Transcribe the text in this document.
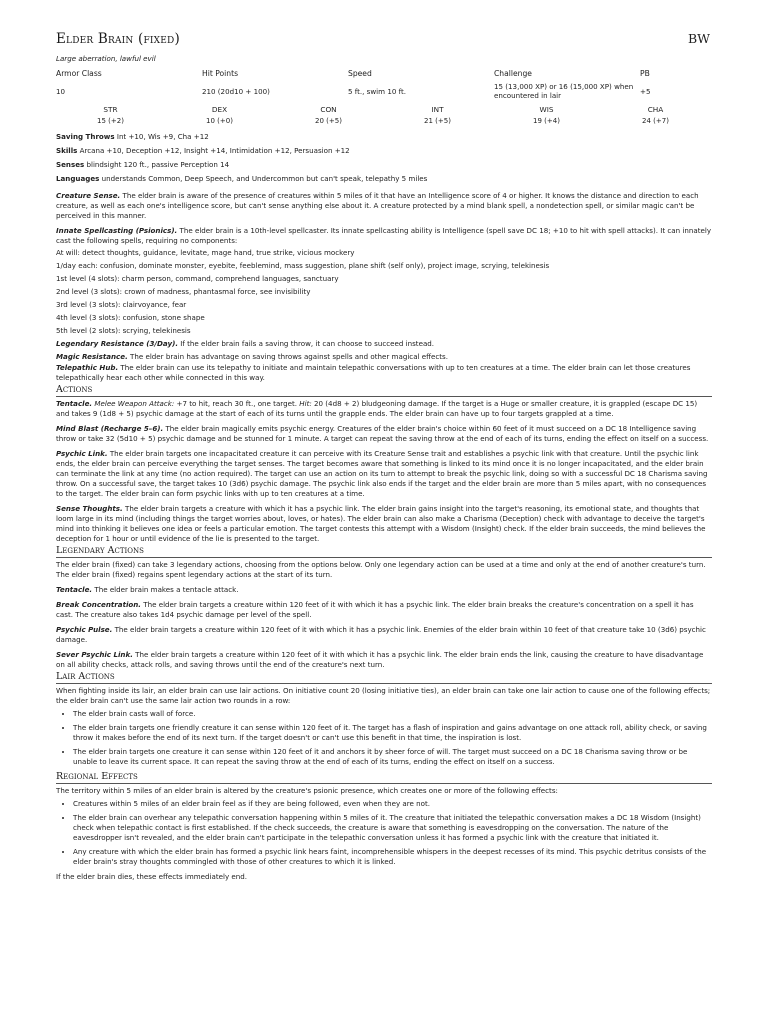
Elder Brain (fixed)	BW
Large aberration, lawful evil
Armor Class	Hit Points	Speed	Challenge	PB
10	210 (20d10 + 100)	5 ft., swim 10 ft.	15 (13,000 XP) or 16 (15,000 XP) when encountered in lair	+5
STR	DEX	CON	INT	WIS	CHA
15 (+2)	10 (+0)	20 (+5)	21 (+5)	19 (+4)	24 (+7)

Saving Throws Int +10, Wis +9, Cha +12

Skills Arcana +10, Deception +12, Insight +14, Intimidation +12, Persuasion +12

Senses blindsight 120 ft., passive Perception 14

Languages understands Common, Deep Speech, and Undercommon but can't speak, telepathy 5 miles

Creature Sense. The elder brain is aware of the presence of creatures within 5 miles of it that have an Intelligence score of 4 or higher. It knows the distance and direction to each creature, as well as each one's intelligence score, but can't sense anything else about it. A creature protected by a mind blank spell, a nondetection spell, or similar magic can't be perceived in this manner.

Innate Spellcasting (Psionics). The elder brain is a 10th-level spellcaster. Its innate spellcasting ability is Intelligence (spell save DC 18; +10 to hit with spell attacks). It can innately cast the following spells, requiring no components:

At will: detect thoughts, guidance, levitate, mage hand, true strike, vicious mockery

1/day each: confusion, dominate monster, eyebite, feeblemind, mass suggestion, plane shift (self only), project image, scrying, telekinesis

1st level (4 slots): charm person, command, comprehend languages, sanctuary

2nd level (3 slots): crown of madness, phantasmal force, see invisibility

3rd level (3 slots): clairvoyance, fear

4th level (3 slots): confusion, stone shape

5th level (2 slots): scrying, telekinesis

Legendary Resistance (3/Day). If the elder brain fails a saving throw, it can choose to succeed instead.

Magic Resistance. The elder brain has advantage on saving throws against spells and other magical effects.

Telepathic Hub. The elder brain can use its telepathy to initiate and maintain telepathic conversations with up to ten creatures at a time. The elder brain can let those creatures telepathically hear each other while connected in this way.

Actions

Tentacle. Melee Weapon Attack: +7 to hit, reach 30 ft., one target. Hit: 20 (4d8 + 2) bludgeoning damage. If the target is a Huge or smaller creature, it is grappled (escape DC 15) and takes 9 (1d8 + 5) psychic damage at the start of each of its turns until the grapple ends. The elder brain can have up to four targets grappled at a time.

Mind Blast (Recharge 5–6). The elder brain magically emits psychic energy. Creatures of the elder brain's choice within 60 feet of it must succeed on a DC 18 Intelligence saving throw or take 32 (5d10 + 5) psychic damage and be stunned for 1 minute. A target can repeat the saving throw at the end of each of its turns, ending the effect on itself on a success.

Psychic Link. The elder brain targets one incapacitated creature it can perceive with its Creature Sense trait and establishes a psychic link with that creature. Until the psychic link ends, the elder brain can perceive everything the target senses. The target becomes aware that something is linked to its mind once it is no longer incapacitated, and the elder brain can terminate the link at any time (no action required). The target can use an action on its turn to attempt to break the psychic link, doing so with a successful DC 18 Charisma saving throw. On a successful save, the target takes 10 (3d6) psychic damage. The psychic link also ends if the target and the elder brain are more than 5 miles apart, with no consequences to the target. The elder brain can form psychic links with up to ten creatures at a time.

Sense Thoughts. The elder brain targets a creature with which it has a psychic link. The elder brain gains insight into the target's reasoning, its emotional state, and thoughts that loom large in its mind (including things the target worries about, loves, or hates). The elder brain can also make a Charisma (Deception) check with advantage to deceive the target's mind into thinking it believes one idea or feels a particular emotion. The target contests this attempt with a Wisdom (Insight) check. If the elder brain succeeds, the mind believes the deception for 1 hour or until evidence of the lie is presented to the target.

Legendary Actions

The elder brain (fixed) can take 3 legendary actions, choosing from the options below. Only one legendary action can be used at a time and only at the end of another creature's turn. The elder brain (fixed) regains spent legendary actions at the start of its turn.

Tentacle. The elder brain makes a tentacle attack.

Break Concentration. The elder brain targets a creature within 120 feet of it with which it has a psychic link. The elder brain breaks the creature's concentration on a spell it has cast. The creature also takes 1d4 psychic damage per level of the spell.

Psychic Pulse. The elder brain targets a creature within 120 feet of it with which it has a psychic link. Enemies of the elder brain within 10 feet of that creature take 10 (3d6) psychic damage.

Sever Psychic Link. The elder brain targets a creature within 120 feet of it with which it has a psychic link. The elder brain ends the link, causing the creature to have disadvantage on all ability checks, attack rolls, and saving throws until the end of the creature's next turn.

Lair Actions

When fighting inside its lair, an elder brain can use lair actions. On initiative count 20 (losing initiative ties), an elder brain can take one lair action to cause one of the following effects; the elder brain can't use the same lair action two rounds in a row:

• The elder brain casts wall of force.
• The elder brain targets one friendly creature it can sense within 120 feet of it. The target has a flash of inspiration and gains advantage on one attack roll, ability check, or saving throw it makes before the end of its next turn. If the target doesn't or can't use this benefit in that time, the inspiration is lost.
• The elder brain targets one creature it can sense within 120 feet of it and anchors it by sheer force of will. The target must succeed on a DC 18 Charisma saving throw or be unable to leave its current space. It can repeat the saving throw at the end of each of its turns, ending the effect on itself on a success.
Regional Effects

The territory within 5 miles of an elder brain is altered by the creature's psionic presence, which creates one or more of the following effects:

• Creatures within 5 miles of an elder brain feel as if they are being followed, even when they are not.
• The elder brain can overhear any telepathic conversation happening within 5 miles of it. The creature that initiated the telepathic conversation makes a DC 18 Wisdom (Insight) check when telepathic contact is first established. If the check succeeds, the creature is aware that something is eavesdropping on the conversation. The nature of the eavesdropper isn't revealed, and the elder brain can't participate in the telepathic conversation unless it has formed a psychic link with the creature that initiated it.
• Any creature with which the elder brain has formed a psychic link hears faint, incomprehensible whispers in the deepest recesses of its mind. This psychic detritus consists of the elder brain's stray thoughts commingled with those of other creatures to which it is linked.

If the elder brain dies, these effects immediately end.
